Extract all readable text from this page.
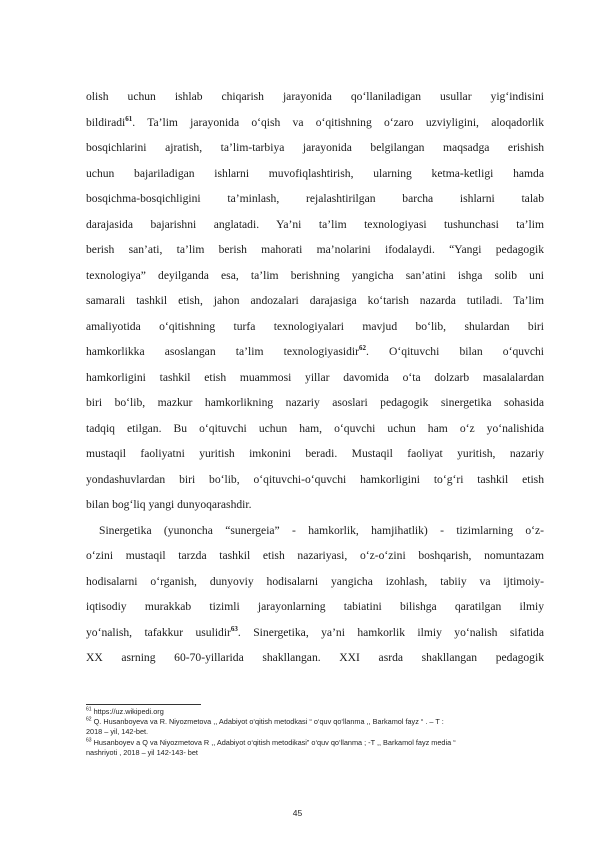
olish uchun ishlab chiqarish jarayonida qo‘llaniladigan usullar yig‘indisini
bildiradi$^{61}$. Ta’lim jarayonida o‘qish va o‘qitishning o‘zaro uzviyligini, aloqadorlik
bosqichlarini ajratish, ta’lim-tarbiya jarayonida belgilangan maqsadga erishish
uchun bajariladigan ishlarni muvofiqlashtirish, ularning ketma-ketligi hamda
bosqichma-bosqichligini ta’minlash, rejalashtirilgan barcha ishlarni talab
darajasida bajarishni anglatadi. Ya’ni ta’lim texnologiyasi tushunchasi ta’lim
berish san’ati, ta’lim berish mahorati ma’nolarini ifodalaydi. “Yangi pedagogik
texnologiya” deyilganda esa, ta’lim berishning yangicha san’atini ishga solib uni
samarali tashkil etish, jahon andozalari darajasiga ko‘tarish nazarda tutiladi. Ta’lim
amaliyotida o‘qitishning turfa texnologiyalari mavjud bo‘lib, shulardan biri
hamkorlikka asoslangan ta’lim texnologiyasidir$^{62}$. O‘qituvchi bilan o‘quvchi
hamkorligini tashkil etish muammosi yillar davomida o‘ta dolzarb masalalardan
biri bo‘lib, mazkur hamkorlikning nazariy asoslari pedagogik sinergetika sohasida
tadqiq etilgan. Bu o‘qituvchi uchun ham, o‘quvchi uchun ham o‘z yo‘nalishida
mustaqil faoliyatni yuritish imkonini beradi. Mustaqil faoliyat yuritish, nazariy
yondashuvlardan biri bo‘lib, o‘qituvchi-o‘quvchi hamkorligini to‘g‘ri tashkil etish
bilan bog‘liq yangi dunyoqarashdir.
Sinergetika (yunoncha “sunergeia” - hamkorlik, hamjihatlik) - tizimlarning o‘z-
o‘zini mustaqil tarzda tashkil etish nazariyasi, o‘z-o‘zini boshqarish, nomuntazam
hodisalarni o‘rganish, dunyoviy hodisalarni yangicha izohlash, tabiiy va ijtimoiy-
iqtisodiy murakkab tizimli jarayonlarning tabiatini bilishga qaratilgan ilmiy
yo‘nalish, tafakkur usulidir$^{63}$. Sinergetika, ya’ni hamkorlik ilmiy yo‘nalish sifatida
XX asrning 60-70-yillarida shakllangan. XXI asrda shakllangan pedagogik
$^{61}$ https://uz.wikipedi.org
$^{62}$ Q. Husanboyeva va R. Niyozmetova ,, Adabiyot o‘qitish metodkasi “ o‘quv qo‘llanma ,, Barkamol fayz “ . – T :
2018 – yil, 142-bet.
$^{63}$ Husanboyev a Q va Niyozmetova R ,, Adabiyot o‘qitish metodikasi” o‘quv qo‘llanma ; -T ,, Barkamol fayz media “
nashriyoti , 2018 – yil 142-143- bet
45
